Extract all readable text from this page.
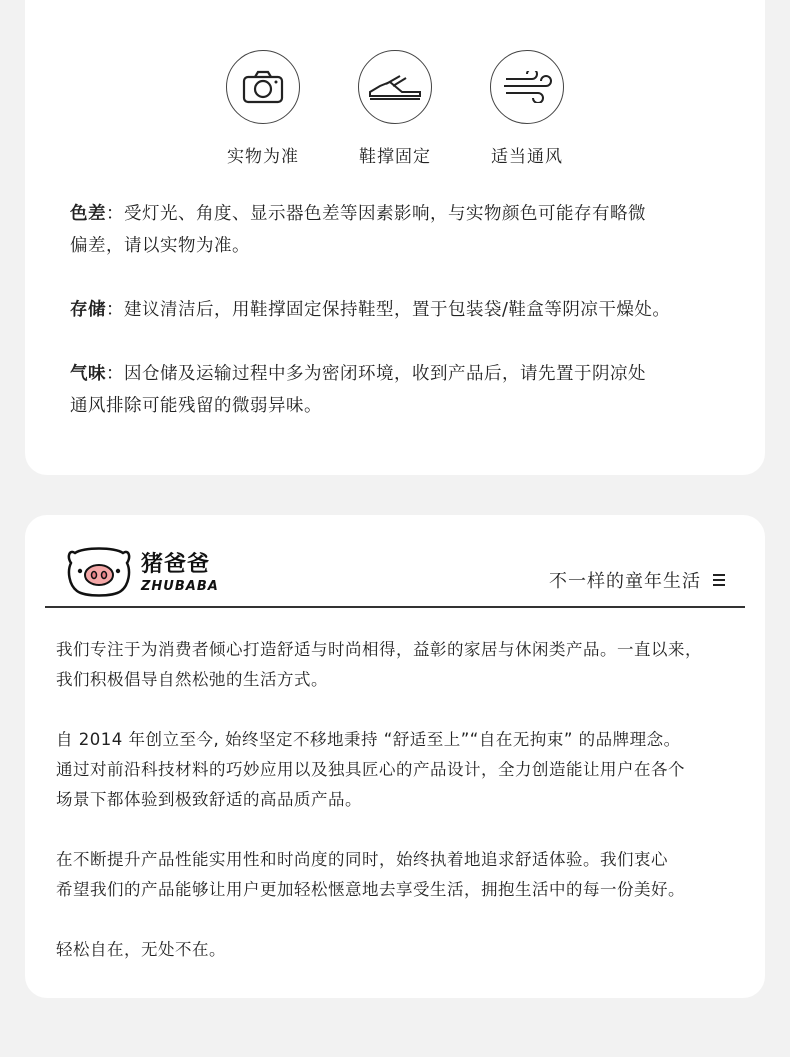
实物为准	鞋撑固定	适当通风
色差：受灯光、角度、显示器色差等因素影响，与实物颜色可能存有略微
偏差，请以实物为准。
存储：建议清洁后，用鞋撑固定保持鞋型，置于包装袋/鞋盒等阴凉干燥处。
气味：因仓储及运输过程中多为密闭环境，收到产品后，请先置于阴凉处
通风排除可能残留的微弱异味。
猪爸爸
ZHUBABA	不一样的童年生活

我们专注于为消费者倾心打造舒适与时尚相得，益彰的家居与休闲类产品。一直以来，

我们积极倡导自然松弛的生活方式。

自 2014 年创立至今, 始终坚定不移地秉持 “舒适至上”“自在无拘束” 的品牌理念。

通过对前沿科技材料的巧妙应用以及独具匠心的产品设计，全力创造能让用户在各个

场景下都体验到极致舒适的高品质产品。

在不断提升产品性能实用性和时尚度的同时，始终执着地追求舒适体验。我们衷心

希望我们的产品能够让用户更加轻松惬意地去享受生活，拥抱生活中的每一份美好。

轻松自在，无处不在。
